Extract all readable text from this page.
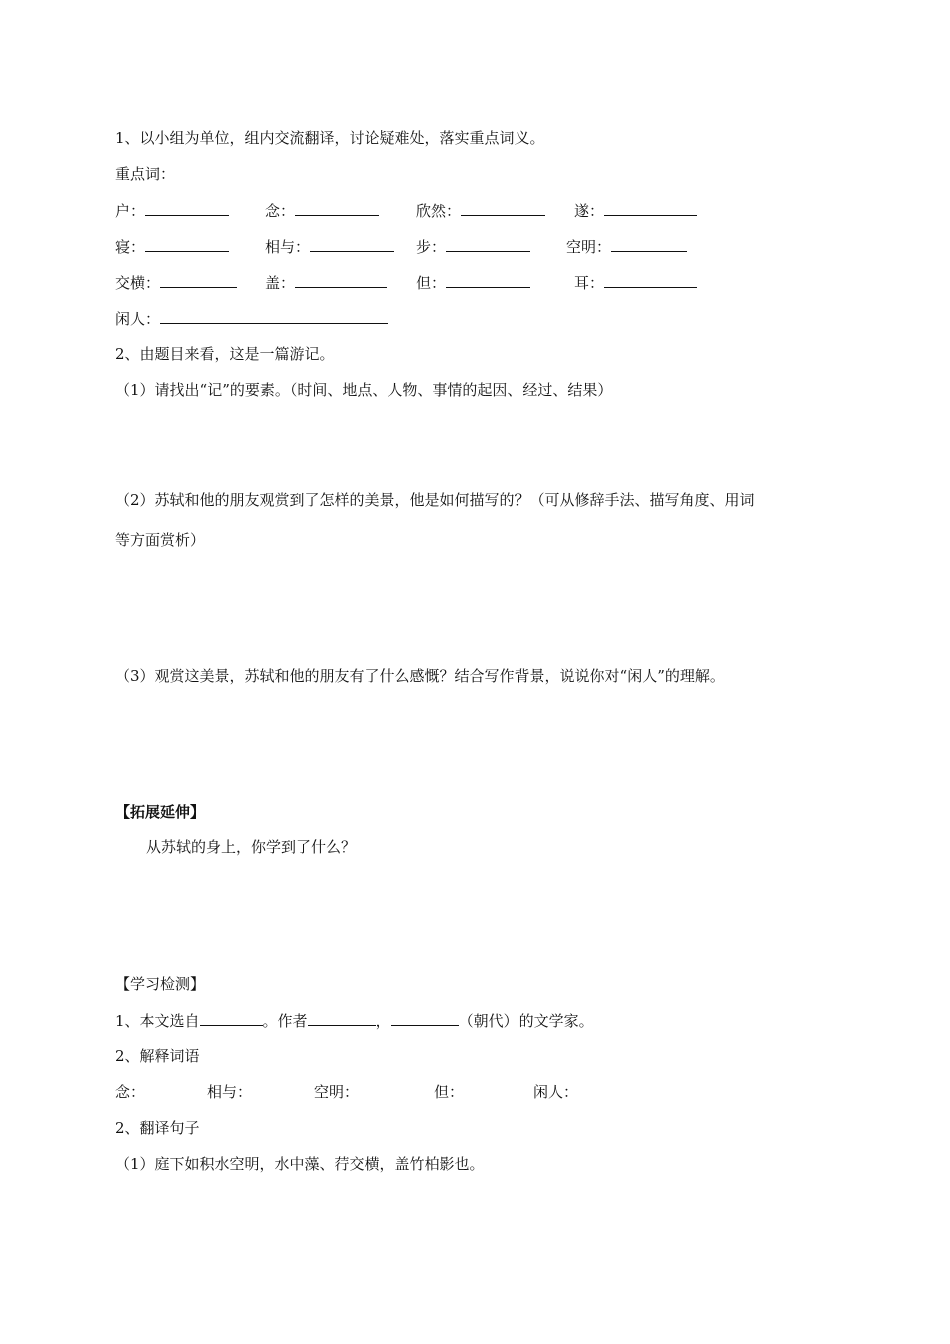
1、以小组为单位，组内交流翻译，讨论疑难处，落实重点词义。
重点词：
户：	念：	欣然：	遂：
寝：	相与：	步：	空明：
交横：	盖：	但：	耳：
闲人：
2、由题目来看，这是一篇游记。
（1）请找出“记”的要素。（时间、地点、人物、事情的起因、经过、结果）
（2）苏轼和他的朋友观赏到了怎样的美景，他是如何描写的？（可从修辞手法、描写角度、用词
等方面赏析）
（3）观赏这美景，苏轼和他的朋友有了什么感慨？结合写作背景，说说你对“闲人”的理解。
【拓展延伸】
从苏轼的身上，你学到了什么？
【学习检测】
1、本文选自	。作者	，	（朝代）的文学家。
2、解释词语
念：	相与：	空明：	但：	闲人：
2、翻译句子
（1）庭下如积水空明，水中藻、荇交横，盖竹柏影也。
